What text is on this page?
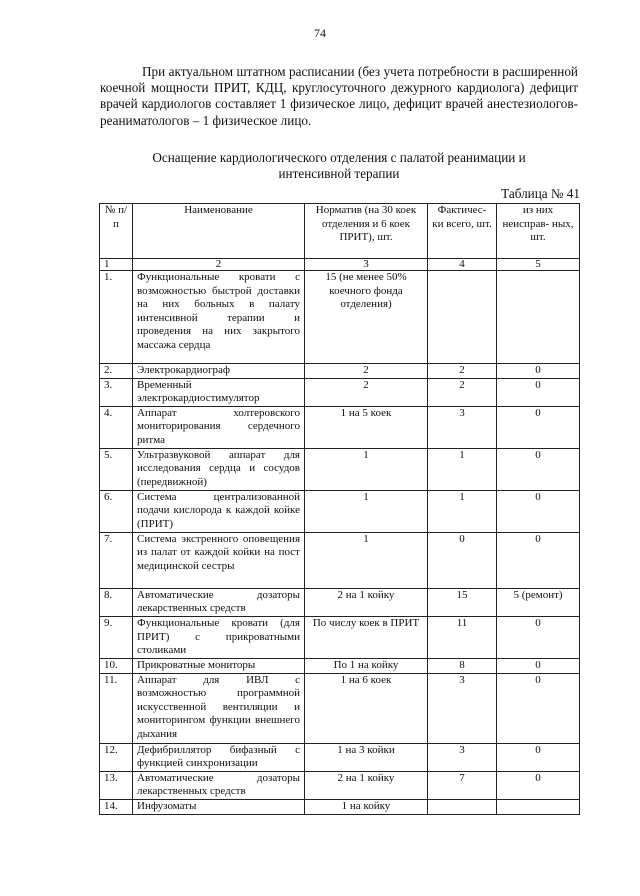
74
При актуальном штатном расписании (без учета потребности в расширенной коечной мощности ПРИТ, КДЦ, круглосуточного дежурного кардиолога) дефицит врачей кардиологов составляет 1 физическое лицо, дефицит врачей анестезиологов-реаниматологов – 1 физическое лицо.
Оснащение кардиологического отделения с палатой реанимации и
интенсивной терапии
Таблица № 41
№ п/п	Наименование	Норматив (на 30 коек отделения и 6 коек ПРИТ), шт.	Фактичес- ки всего, шт.	из них неисправ- ных, шт.
1	2	3	4	5
1.	Функциональные кровати с возможностью быстрой доставки на них больных в палату интенсивной терапии и проведения на них закрытого массажа сердца	15 (не менее 50% коечного фонда отделения)		
2.	Электрокардиограф	2	2	0
3.	Временный электрокардиостимулятор	2	2	0
4.	Аппарат холтеровского мониторирования сердечного ритма	1 на 5 коек	3	0
5.	Ультразвуковой аппарат для исследования сердца и сосудов (передвижной)	1	1	0
6.	Система централизованной подачи кислорода к каждой койке (ПРИТ)	1	1	0
7.	Система экстренного оповещения из палат от каждой койки на пост медицинской сестры	1	0	0
8.	Автоматические дозаторы лекарственных средств	2 на 1 койку	15	5 (ремонт)
9.	Функциональные кровати (для ПРИТ) с прикроватными столиками	По числу коек в ПРИТ	11	0
10.	Прикроватные мониторы	По 1 на койку	8	0
11.	Аппарат для ИВЛ с возможностью программной искусственной вентиляции и мониторингом функции внешнего дыхания	1 на 6 коек	3	0
12.	Дефибриллятор бифазный с функцией синхронизации	1 на 3 койки	3	0
13.	Автоматические дозаторы лекарственных средств	2 на 1 койку	7	0
14.	Инфузоматы	1 на койку		
